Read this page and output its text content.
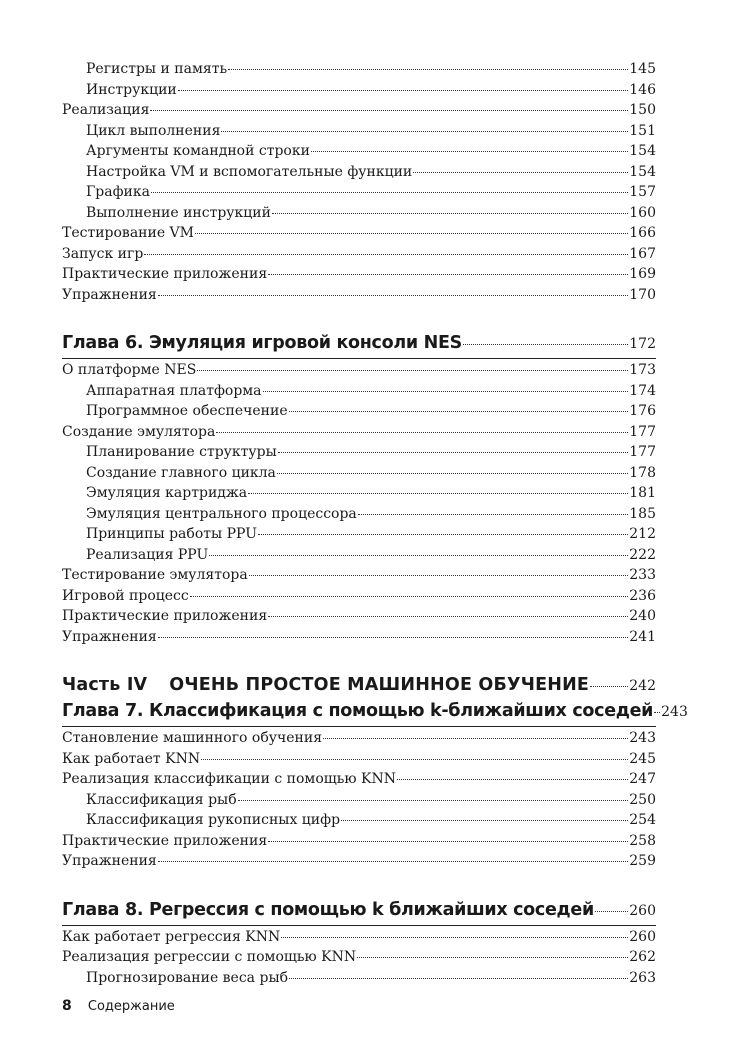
Регистры и память	145
Инструкции	146
Реализация	150
Цикл выполнения	151
Аргументы командной строки	154
Настройка VM и вспомогательные функции	154
Графика	157
Выполнение инструкций	160
Тестирование VM	166
Запуск игр	167
Практические приложения	169
Упражнения	170
Глава 6. Эмуляция игровой консоли NES	172
О платформе NES	173
Аппаратная платформа	174
Программное обеспечение	176
Создание эмулятора	177
Планирование структуры	177
Создание главного цикла	178
Эмуляция картриджа	181
Эмуляция центрального процессора	185
Принципы работы PPU	212
Реализация PPU	222
Тестирование эмулятора	233
Игровой процесс	236
Практические приложения	240
Упражнения	241
Часть IV ОЧЕНЬ ПРОСТОЕ МАШИННОЕ ОБУЧЕНИЕ	242
Глава 7. Классификация с помощью k-ближайших соседей 243
Становление машинного обучения	243
Как работает KNN	245
Реализация классификации с помощью KNN	247
Классификация рыб	250
Классификация рукописных цифр	254
Практические приложения	258
Упражнения	259
Глава 8. Регрессия с помощью k ближайших соседей	260
Как работает регрессия KNN	260
Реализация регрессии с помощью KNN	262
Прогнозирование веса рыб	263
8 Содержание
